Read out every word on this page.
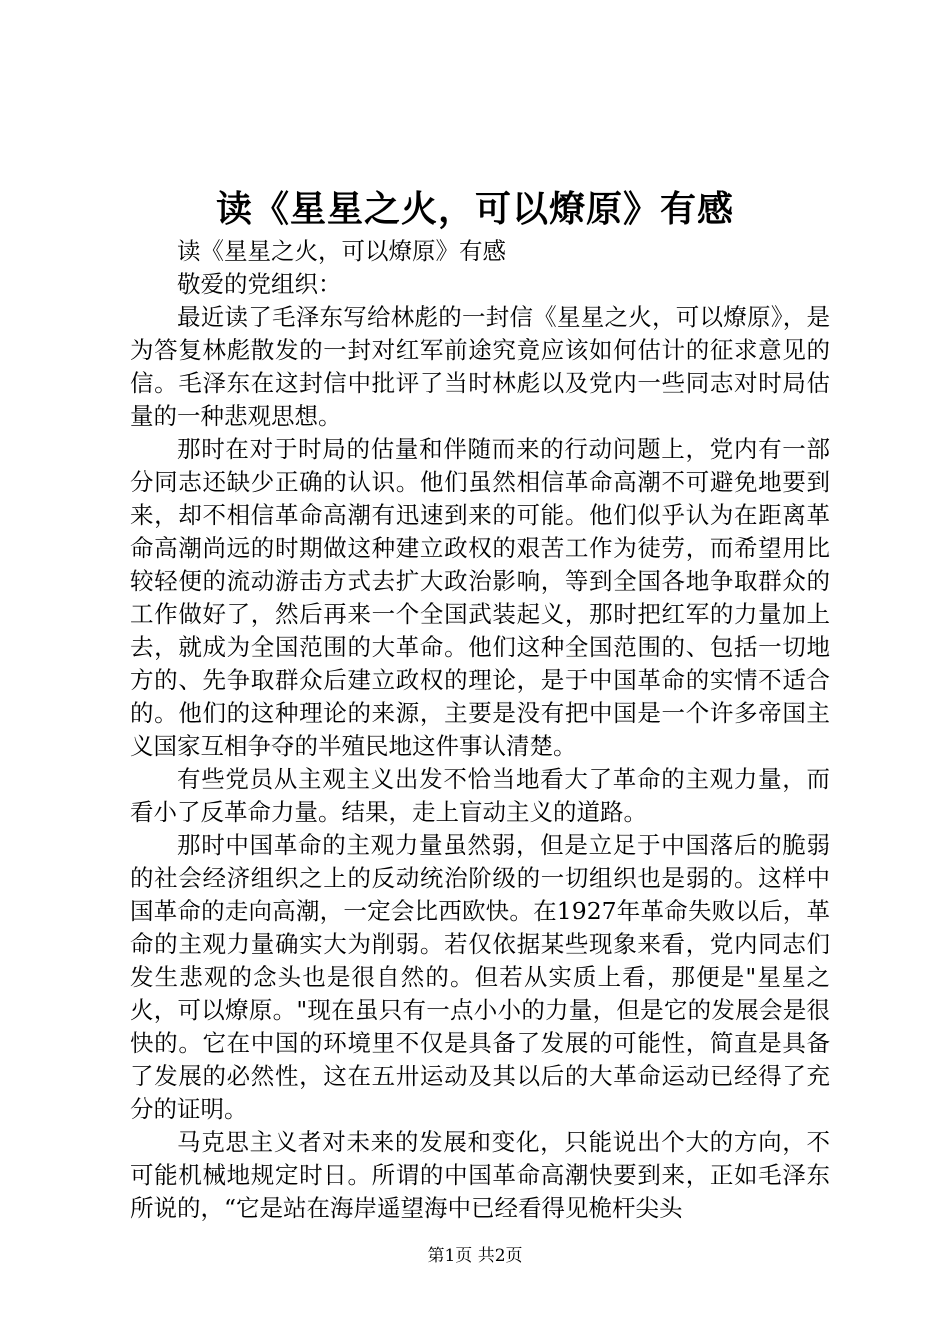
读《星星之火，可以燎原》有感

读《星星之火，可以燎原》有感

敬爱的党组织：

最近读了毛泽东写给林彪的一封信《星星之火，可以燎原》，是为答复林彪散发的一封对红军前途究竟应该如何估计的征求意见的信。毛泽东在这封信中批评了当时林彪以及党内一些同志对时局估量的一种悲观思想。

那时在对于时局的估量和伴随而来的行动问题上，党内有一部分同志还缺少正确的认识。他们虽然相信革命高潮不可避免地要到来，却不相信革命高潮有迅速到来的可能。他们似乎认为在距离革命高潮尚远的时期做这种建立政权的艰苦工作为徒劳，而希望用比较轻便的流动游击方式去扩大政治影响，等到全国各地争取群众的工作做好了，然后再来一个全国武装起义，那时把红军的力量加上去，就成为全国范围的大革命。他们这种全国范围的、包括一切地方的、先争取群众后建立政权的理论，是于中国革命的实情不适合的。他们的这种理论的来源，主要是没有把中国是一个许多帝国主义国家互相争夺的半殖民地这件事认清楚。

有些党员从主观主义出发不恰当地看大了革命的主观力量，而看小了反革命力量。结果，走上盲动主义的道路。

那时中国革命的主观力量虽然弱，但是立足于中国落后的脆弱的社会经济组织之上的反动统治阶级的一切组织也是弱的。这样中国革命的走向高潮，一定会比西欧快。在1927年革命失败以后，革命的主观力量确实大为削弱。若仅依据某些现象来看，党内同志们发生悲观的念头也是很自然的。但若从实质上看，那便是"星星之火，可以燎原。"现在虽只有一点小小的力量，但是它的发展会是很快的。它在中国的环境里不仅是具备了发展的可能性，简直是具备了发展的必然性，这在五卅运动及其以后的大革命运动已经得了充分的证明。

马克思主义者对未来的发展和变化，只能说出个大的方向，不可能机械地规定时日。所谓的中国革命高潮快要到来，正如毛泽东所说的，“它是站在海岸遥望海中已经看得见桅杆尖头

第1页 共2页
